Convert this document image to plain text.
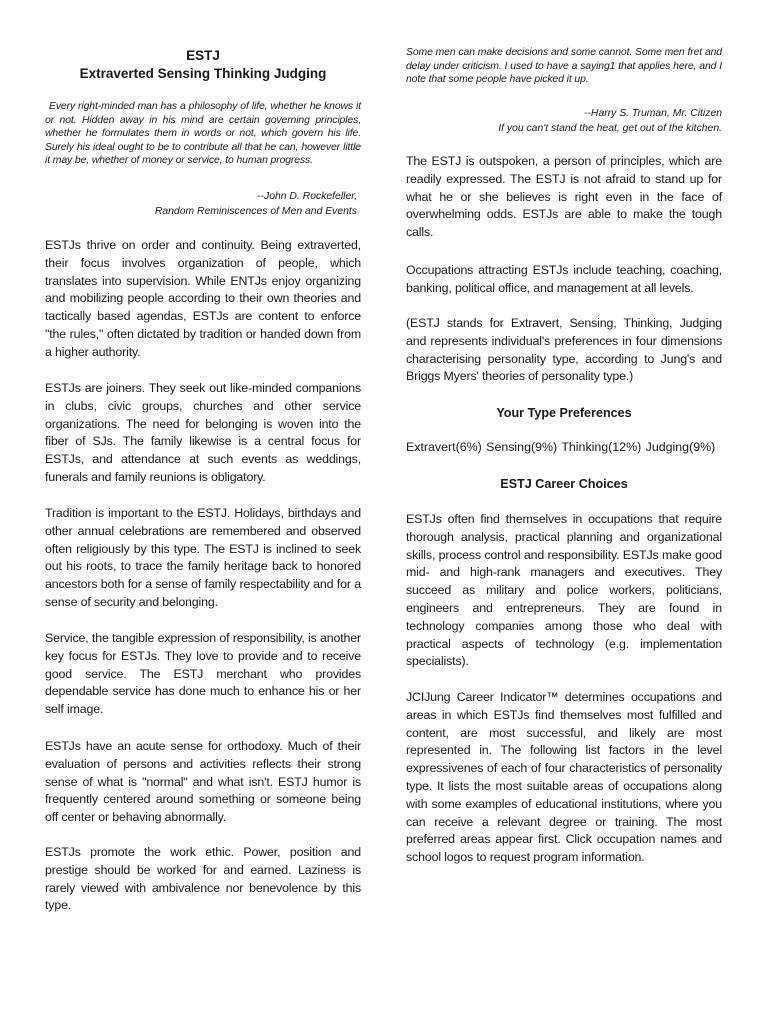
ESTJ

Extraverted Sensing Thinking Judging

Every right-minded man has a philosophy of life, whether he knows it or not. Hidden away in his mind are certain governing principles, whether he formulates them in words or not, which govern his life. Surely his ideal ought to be to contribute all that he can, however little it may be, whether of money or service, to human progress.

--John D. Rockefeller,

Random Reminiscences of Men and Events

ESTJs thrive on order and continuity. Being extraverted, their focus involves organization of people, which translates into supervision. While ENTJs enjoy organizing and mobilizing people according to their own theories and tactically based agendas, ESTJs are content to enforce "the rules," often dictated by tradition or handed down from a higher authority.

ESTJs are joiners. They seek out like-minded companions in clubs, civic groups, churches and other service organizations. The need for belonging is woven into the fiber of SJs. The family likewise is a central focus for ESTJs, and attendance at such events as weddings, funerals and family reunions is obligatory.

Tradition is important to the ESTJ. Holidays, birthdays and other annual celebrations are remembered and observed often religiously by this type. The ESTJ is inclined to seek out his roots, to trace the family heritage back to honored ancestors both for a sense of family respectability and for a sense of security and belonging.

Service, the tangible expression of responsibility, is another key focus for ESTJs. They love to provide and to receive good service. The ESTJ merchant who provides dependable service has done much to enhance his or her self image.

ESTJs have an acute sense for orthodoxy. Much of their evaluation of persons and activities reflects their strong sense of what is "normal" and what isn't. ESTJ humor is frequently centered around something or someone being off center or behaving abnormally.

ESTJs promote the work ethic. Power, position and prestige should be worked for and earned. Laziness is rarely viewed with ambivalence nor benevolence by this type.

Some men can make decisions and some cannot. Some men fret and delay under criticism. I used to have a saying1 that applies here, and I note that some people have picked it up.

--Harry S. Truman, Mr. Citizen

If you can't stand the heat, get out of the kitchen.

The ESTJ is outspoken, a person of principles, which are readily expressed. The ESTJ is not afraid to stand up for what he or she believes is right even in the face of overwhelming odds. ESTJs are able to make the tough calls.

Occupations attracting ESTJs include teaching, coaching, banking, political office, and management at all levels.

(ESTJ stands for Extravert, Sensing, Thinking, Judging and represents individual's preferences in four dimensions characterising personality type, according to Jung's and Briggs Myers' theories of personality type.)

Your Type Preferences

Extravert(6%) Sensing(9%) Thinking(12%) Judging(9%)

ESTJ Career Choices

ESTJs often find themselves in occupations that require thorough analysis, practical planning and organizational skills, process control and responsibility. ESTJs make good mid- and high-rank managers and executives. They succeed as military and police workers, politicians, engineers and entrepreneurs. They are found in technology companies among those who deal with practical aspects of technology (e.g. implementation specialists).

JCIJung Career Indicator™ determines occupations and areas in which ESTJs find themselves most fulfilled and content, are most successful, and likely are most represented in. The following list factors in the level expressivenes of each of four characteristics of personality type. It lists the most suitable areas of occupations along with some examples of educational institutions, where you can receive a relevant degree or training. The most preferred areas appear first. Click occupation names and school logos to request program information.
